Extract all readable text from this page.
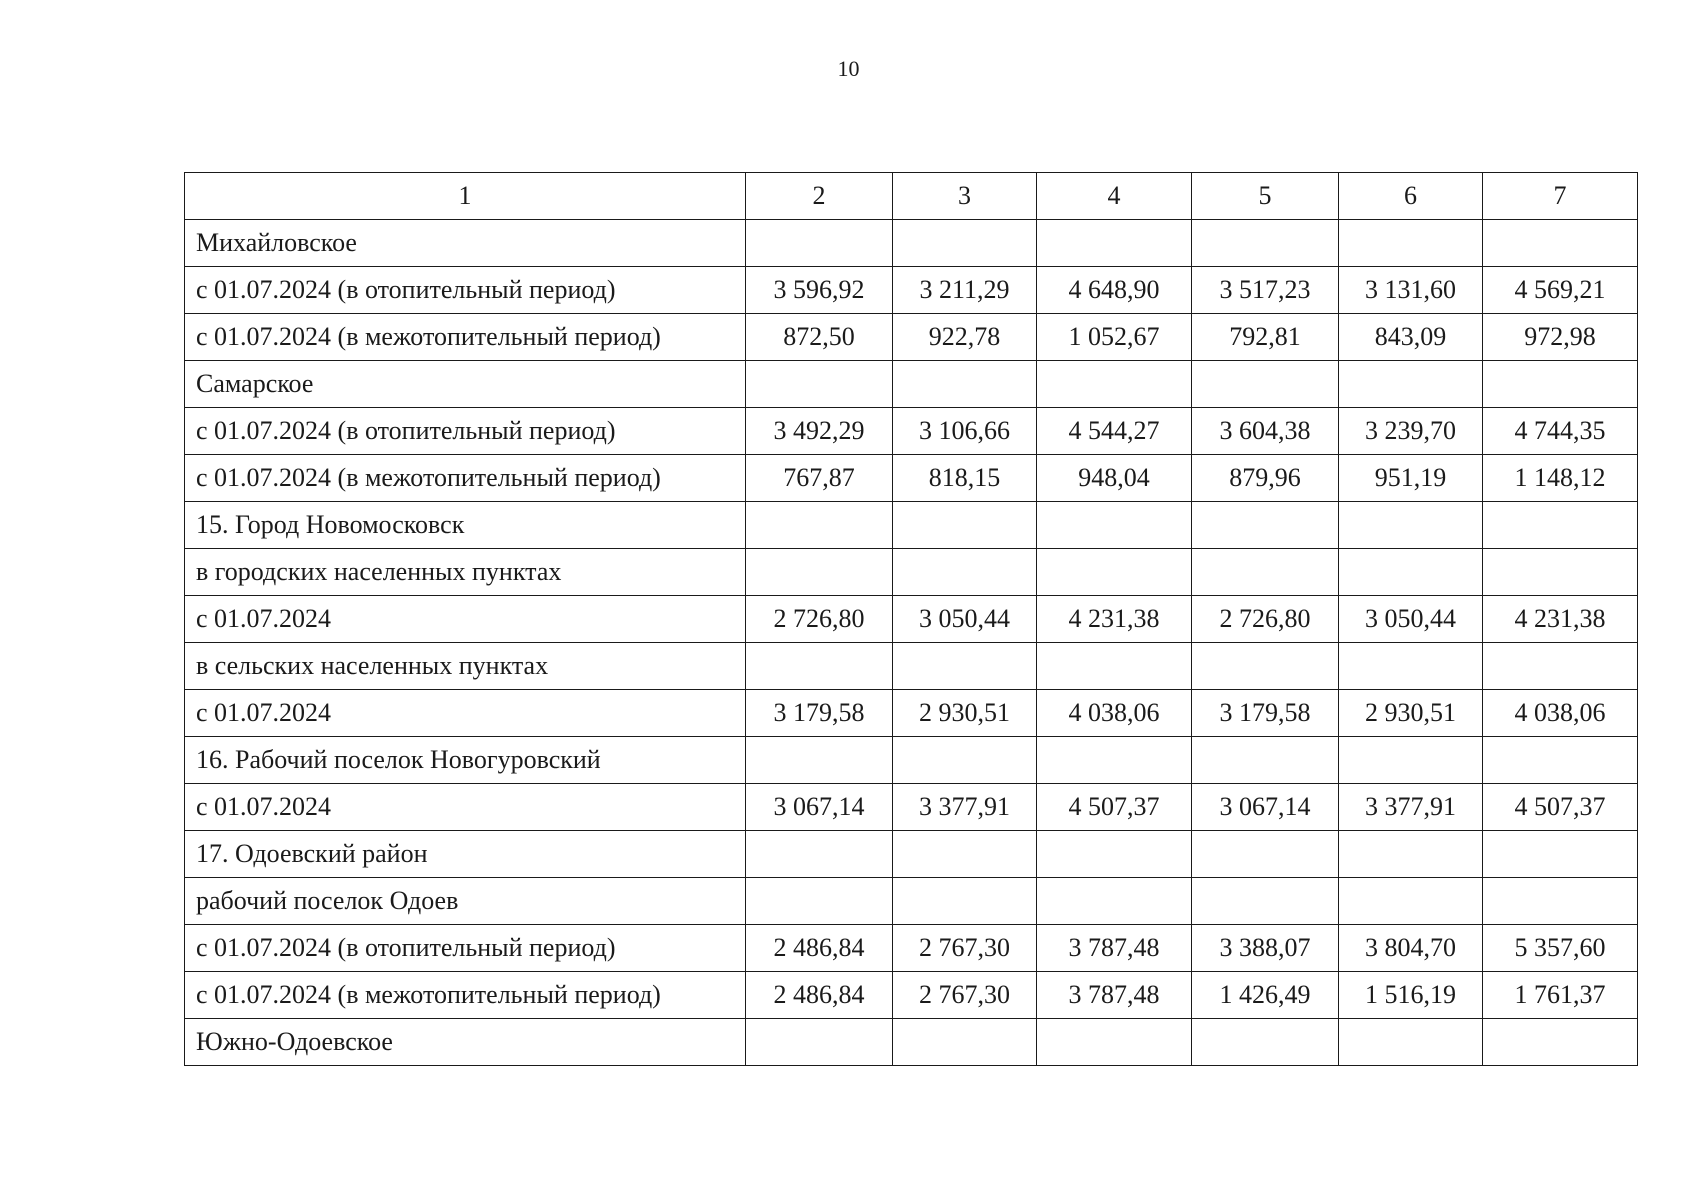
10
1	2	3	4	5	6	7
Михайловское						
с 01.07.2024 (в отопительный период)	3 596,92	3 211,29	4 648,90	3 517,23	3 131,60	4 569,21
с 01.07.2024 (в межотопительный период)	872,50	922,78	1 052,67	792,81	843,09	972,98
Самарское						
с 01.07.2024 (в отопительный период)	3 492,29	3 106,66	4 544,27	3 604,38	3 239,70	4 744,35
с 01.07.2024 (в межотопительный период)	767,87	818,15	948,04	879,96	951,19	1 148,12
15. Город Новомосковск						
в городских населенных пунктах						
с 01.07.2024	2 726,80	3 050,44	4 231,38	2 726,80	3 050,44	4 231,38
в сельских населенных пунктах						
с 01.07.2024	3 179,58	2 930,51	4 038,06	3 179,58	2 930,51	4 038,06
16. Рабочий поселок Новогуровский						
с 01.07.2024	3 067,14	3 377,91	4 507,37	3 067,14	3 377,91	4 507,37
17. Одоевский район						
рабочий поселок Одоев						
с 01.07.2024 (в отопительный период)	2 486,84	2 767,30	3 787,48	3 388,07	3 804,70	5 357,60
с 01.07.2024 (в межотопительный период)	2 486,84	2 767,30	3 787,48	1 426,49	1 516,19	1 761,37
Южно-Одоевское						
